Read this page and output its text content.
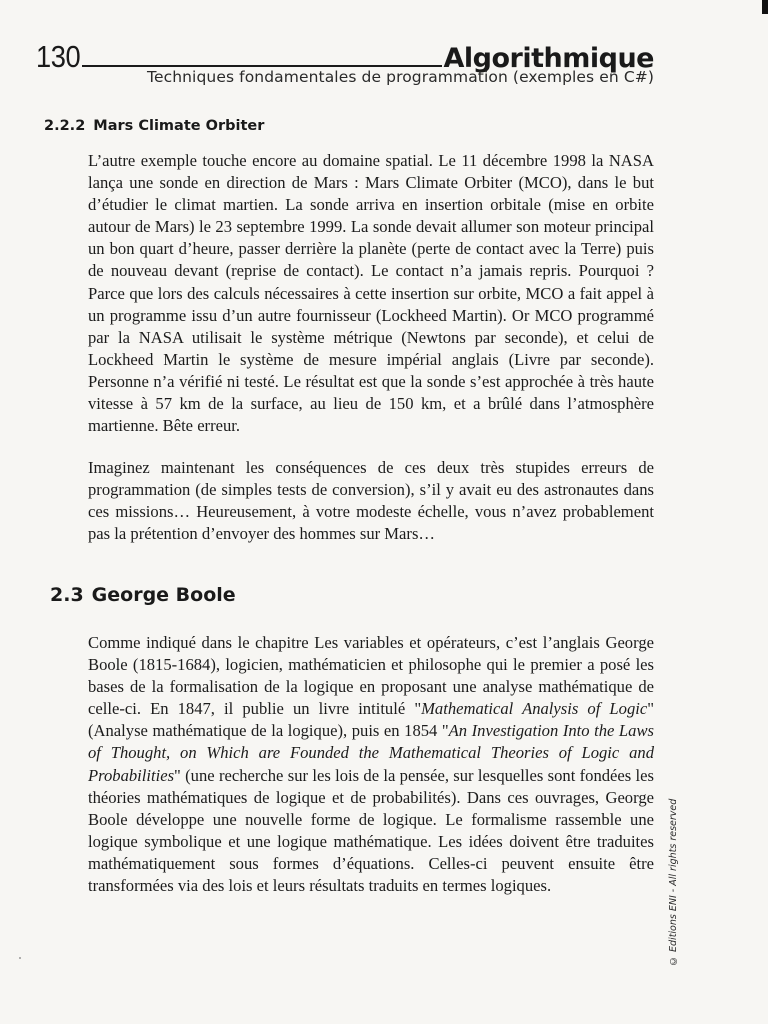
130	Algorithmique
Techniques fondamentales de programmation (exemples en C#)
2.2.2 Mars Climate Orbiter

L’autre exemple touche encore au domaine spatial. Le 11 décembre 1998 la NASA lança une sonde en direction de Mars : Mars Climate Orbiter (MCO), dans le but d’étudier le climat martien. La sonde arriva en insertion orbitale (mise en orbite autour de Mars) le 23 septembre 1999. La sonde devait allumer son moteur principal un bon quart d’heure, passer derrière la planète (perte de contact avec la Terre) puis de nouveau devant (reprise de contact). Le contact n’a jamais repris. Pourquoi ? Parce que lors des calculs nécessaires à cette insertion sur orbite, MCO a fait appel à un programme issu d’un autre fournisseur (Lockheed Martin). Or MCO programmé par la NASA utilisait le système métrique (Newtons par seconde), et celui de Lockheed Martin le système de mesure impérial anglais (Livre par seconde). Personne n’a vérifié ni testé. Le résultat est que la sonde s’est approchée à très haute vitesse à 57 km de la surface, au lieu de 150 km, et a brûlé dans l’atmosphère martienne. Bête erreur.

Imaginez maintenant les conséquences de ces deux très stupides erreurs de programmation (de simples tests de conversion), s’il y avait eu des astronautes dans ces missions… Heureusement, à votre modeste échelle, vous n’avez probablement pas la prétention d’envoyer des hommes sur Mars…

2.3 George Boole

Comme indiqué dans le chapitre Les variables et opérateurs, c’est l’anglais George Boole (1815-1684), logicien, mathématicien et philosophe qui le premier a posé les bases de la formalisation de la logique en proposant une analyse mathématique de celle-ci. En 1847, il publie un livre intitulé "Mathematical Analysis of Logic" (Analyse mathématique de la logique), puis en 1854 "An Investigation Into the Laws of Thought, on Which are Founded the Mathematical Theories of Logic and Probabilities" (une recherche sur les lois de la pensée, sur lesquelles sont fondées les théories mathématiques de logique et de probabilités). Dans ces ouvrages, George Boole développe une nouvelle forme de logique. Le formalisme rassemble une logique symbolique et une logique mathématique. Les idées doivent être traduites mathématiquement sous formes d’équations. Celles-ci peuvent ensuite être transformées via des lois et leurs résultats traduits en termes logiques.	© Editions ENI - All rights reserved
